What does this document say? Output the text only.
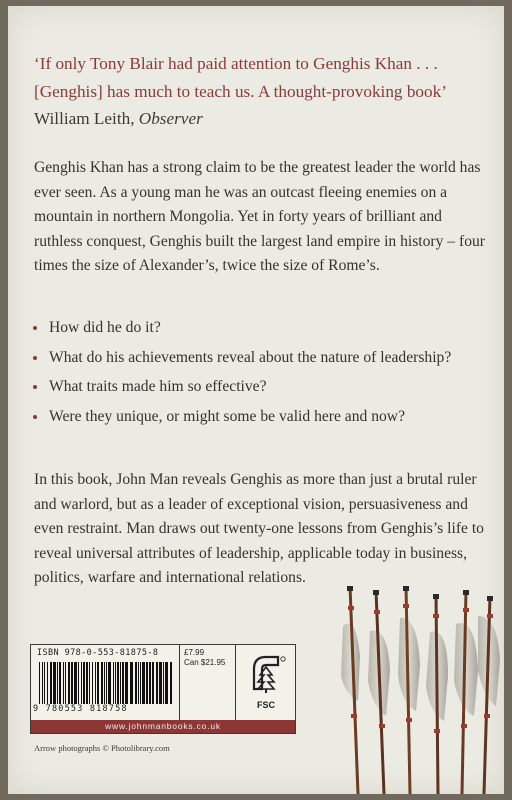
‘If only Tony Blair had paid attention to Genghis Khan . . .
[Genghis] has much to teach us. A thought-provoking book’
William Leith, Observer

Genghis Khan has a strong claim to be the greatest leader the world has ever seen. As a young man he was an outcast fleeing enemies on a mountain in northern Mongolia. Yet in forty years of brilliant and ruthless conquest, Genghis built the largest land empire in history – four times the size of Alexander’s, twice the size of Rome’s.

How did he do it?
What do his achievements reveal about the nature of leadership?
What traits made him so effective?
Were they unique, or might some be valid here and now?

In this book, John Man reveals Genghis as more than just a brutal ruler and warlord, but as a leader of exceptional vision, persuasiveness and even restraint. Man draws out twenty-one lessons from Genghis’s life to reveal universal attributes of leadership, applicable today in business, politics, warfare and international relations.

ISBN 978-0-553-81875-8
9 780553 818758
£7.99
Can $21.95
FSC
www.johnmanbooks.co.uk
Arrow photographs © Photolibrary.com
